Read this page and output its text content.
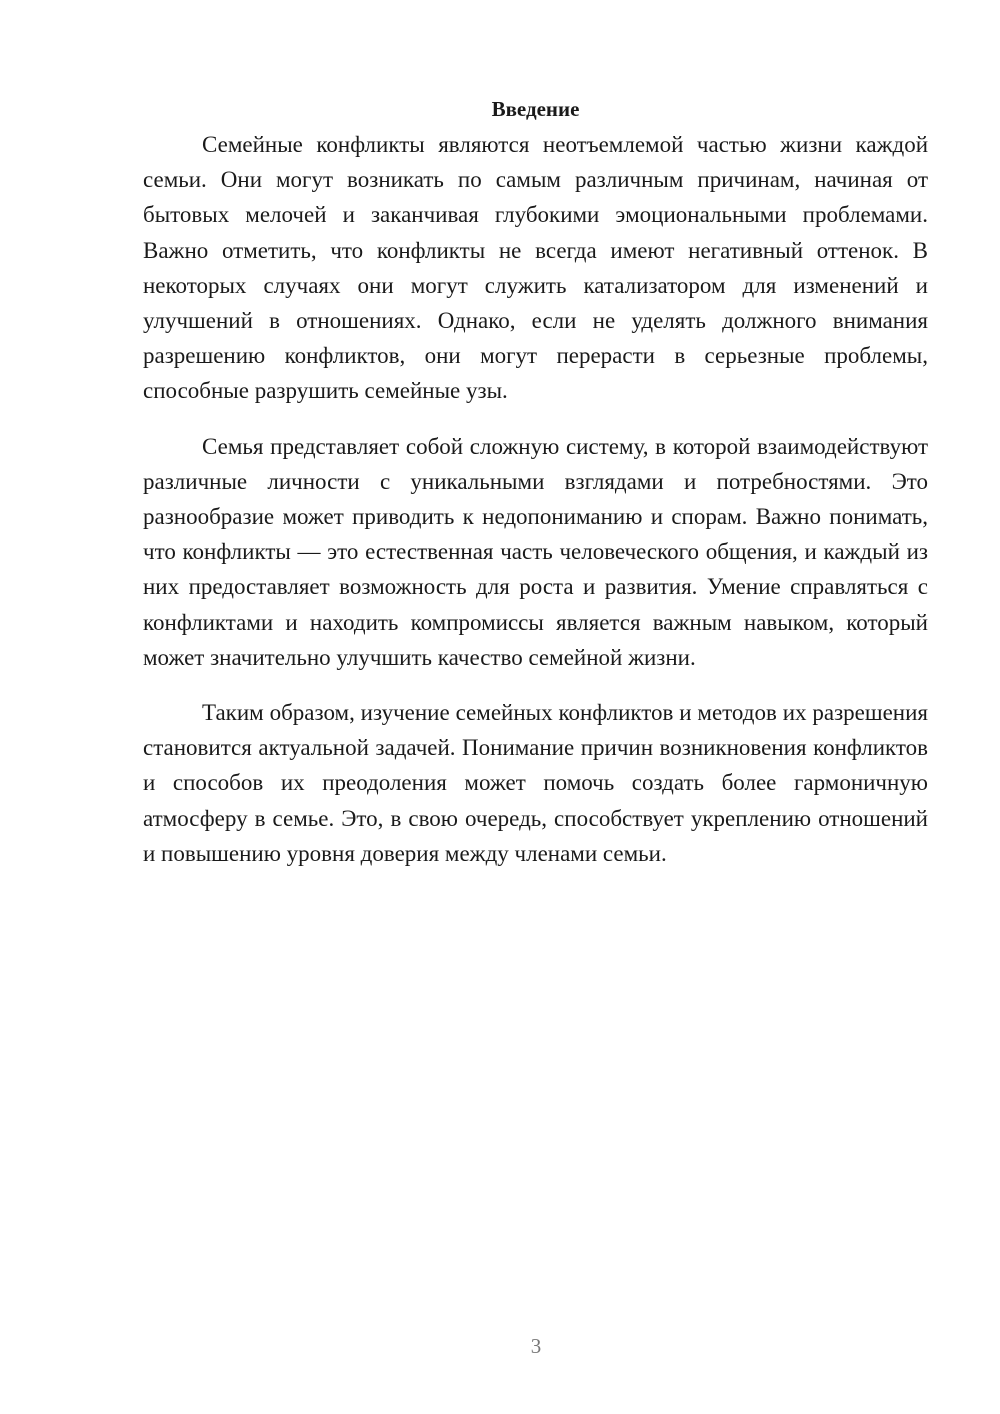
Введение

Семейные конфликты являются неотъемлемой частью жизни каждой семьи. Они могут возникать по самым различным причинам, начиная от бытовых мелочей и заканчивая глубокими эмоциональными проблемами. Важно отметить, что конфликты не всегда имеют негативный оттенок. В некоторых случаях они могут служить катализатором для изменений и улучшений в отношениях. Однако, если не уделять должного внимания разрешению конфликтов, они могут перерасти в серьезные проблемы, способные разрушить семейные узы.

Семья представляет собой сложную систему, в которой взаимодействуют различные личности с уникальными взглядами и потребностями. Это разнообразие может приводить к недопониманию и спорам. Важно понимать, что конфликты — это естественная часть человеческого общения, и каждый из них предоставляет возможность для роста и развития. Умение справляться с конфликтами и находить компромиссы является важным навыком, который может значительно улучшить качество семейной жизни.

Таким образом, изучение семейных конфликтов и методов их разрешения становится актуальной задачей. Понимание причин возникновения конфликтов и способов их преодоления может помочь создать более гармоничную атмосферу в семье. Это, в свою очередь, способствует укреплению отношений и повышению уровня доверия между членами семьи.

3
